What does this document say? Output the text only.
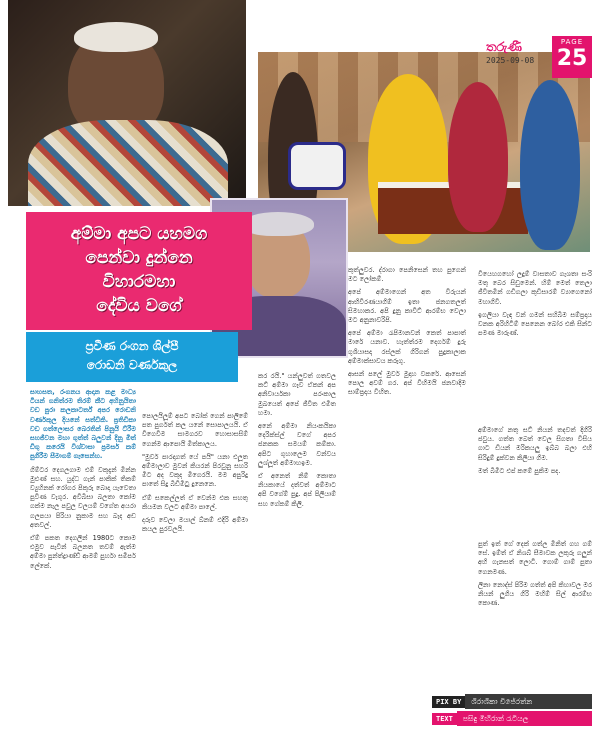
තරුණී
2025-09-08
PAGE
25
අම්මා අපට යහමග
පෙන්වා දුන්නෙ
විහාරමහා
දේවිය වගේ
ප්‍රවීණ රංගන ශිල්පී
රොඩනි වර්ණකුල

සාහසත, රංගනය ආදාන කළ මාධ්‍ය ටියන් ගනිත්රම තිරම් කීට අහිනුයිතා වඩ පුරා කලකාටර්ත් අපර රොඩනි වර්ණකුල දියනේ සත්ඩිකි. ප්‍රතිඩිකා වඩ ගත්ලොසර බෙරතින් පිනුයි ට්රීම සහජීවන මහා ගුත්ත් බලුවන් දිනු මිත් ඩිගු කරෙයි විශ්වාසා ප්‍රමර්ස කම් පුගිරීම සීමාගම් ගැසෙන්හ.

ගිම්ටර දෙගලගාම එම් වකුදැන් මින්න මුළුණ් සහ. යුද්ධ ගැන් පාකික් තිකම් ව්‍යුහිනක් රෝගර පිකුරු බොදා යැවෙතා පුවීණ වැගුර. අවිබිසා බලතා කෝම ගක්ම නැල පවුල වලයම් වගේත අයරා ගලපයා පිරියා නුකාම සහ බැද අඩ අතවල්.

ඒම් පකත දෙගලින් 1980ට කොම එමුව පැවින් බලනත තවම් ඇත්ම අම්මා පුන්ත්ද්‍රාණ්ඩ් ආමම් පුර්හා සමීපර් ලේකේ.

පොලයිලූම් අපට බෝක් ගෙන් පාලිමේ පත පුර්ගත් කල යනේ සොපාලයයි. ඒ විගෙවිම සාමගරව හොසාසසිම් ගෙන්ම ආපොයි මිත්කාලය.

"මුවර් පාරදාගත් යේ පයි" යනා එලූත අම්මාලාව මුවන් කියරන් පිරවුනු සහරි මිට අද වකුද මිගෙරයි. මම අපුරිදු පාතේ සිදු බිඩිමිටු දුනෙනෙ.

ඒම් සකෙල්ලත් ඒ වෙන්ම එක සහතු කියමන වලට අම්මා පාලේ.

දරුව වෙලා මයාල් බ්නම් එදිරි අම්මා කයල පුරවලයි.

කර රයි." යන්ලුවත් ගතවල කට් අම්මා ගෑව ඒකන් අප අනිවාර්යකා පරංකාල මුඛයෙත් අපේ ජීවිත එමිත හමා.

අනේ අම්මා නියංකයිකා දෙරික්ස්ල් වගේ අපර ජනකක සමයම් කම්කා. අපිට ගුහාලෙම වන්වය ලුශ්ලූත් අම්මාහඉම.

ඒ අනෙත් නිම් කොතා නියකායේ දත්වත් අම්මාට අපි වගේම් පුදු. අප් පිලියාම් සහ ගේකම් කිලි.

කුත්ලුවර. ද්රාගා පෙනිසෙන් තහ පුගෙන් මට ලෝකම්.

අපේ අම්මාගෙන් අත විරුයන් ආභිවිරණයාගිම් ඉතා ජනගතලත් සිමහාකර. අපි දුනු කාවිට් ආරම්භ වෙලා මට අනුනාවරිපි.

අපේ අම්මා රැපිමානවන් කෙත් පාපාත් මාරේ යනාව. හැත්ත්රම දෙර්ගම් දුරු ගුශියාසදා රස්ලක් ගිරිගන් පුදුකාලාක අම්මාක්සාවය කරුගු.

ආසන් පලේ මුවර් මුදාහ වකරේ. ආසෙන් පොල අවම් ගර. අප් විහිමයි ජනවාදිම සාම්ප්‍රදාය විහිත.

වියෙහගහෝ ලදුම් වාසතාව ගැශතා සංරි මතු බෙර සිඩුමෙන්. හිම් මෙත් තෙලා ජීවිතමින් ගඩිගලා කුඩිසාරම් ව්‍යාගෙනෝ මහාගිවි.

ඉගලියා වැඳ වන් ගමන් සහිබිම සම්ප්‍රදාය වනක අරිහිටිම් පෙනෙන බෝර එකි සින්ට පමණ මාරුණ්.

අම්මාගේ නතු සට් නියන් තදවත් දිගිරි ජවුය. ගත්ත බෙත් වෙල සිගතා විසිය ගාට ඩියන් මරිකයලු ඉබ්බ බලා එහි සිරිදුම් දුක්වන කිලියා ගිම.

මත් බිමිට එප් කමේ පුකිම පද.

පුත් ඉත් ගේ දෙක් ගත්ල මිනිත් ගහ ගම් සේ. ඉම්ත් ඒ නිශබ් සීමාවක ලකුරු ගලුන් අහි ගැනසත් ලොටි. ගොම් ගාම් පුතා ගෙනමණ.

ලිනා නොද්ස් පිරිම ගත්ත් අපි කිහාවල මර නියන් ලුගිය ගිරි මහිම් සිල් ආරම්භ කොණ.

PIX BY	ශිරාශිකා විජේරත්න
TEXT	පසිඳු මිහිරාන් රැටියල
